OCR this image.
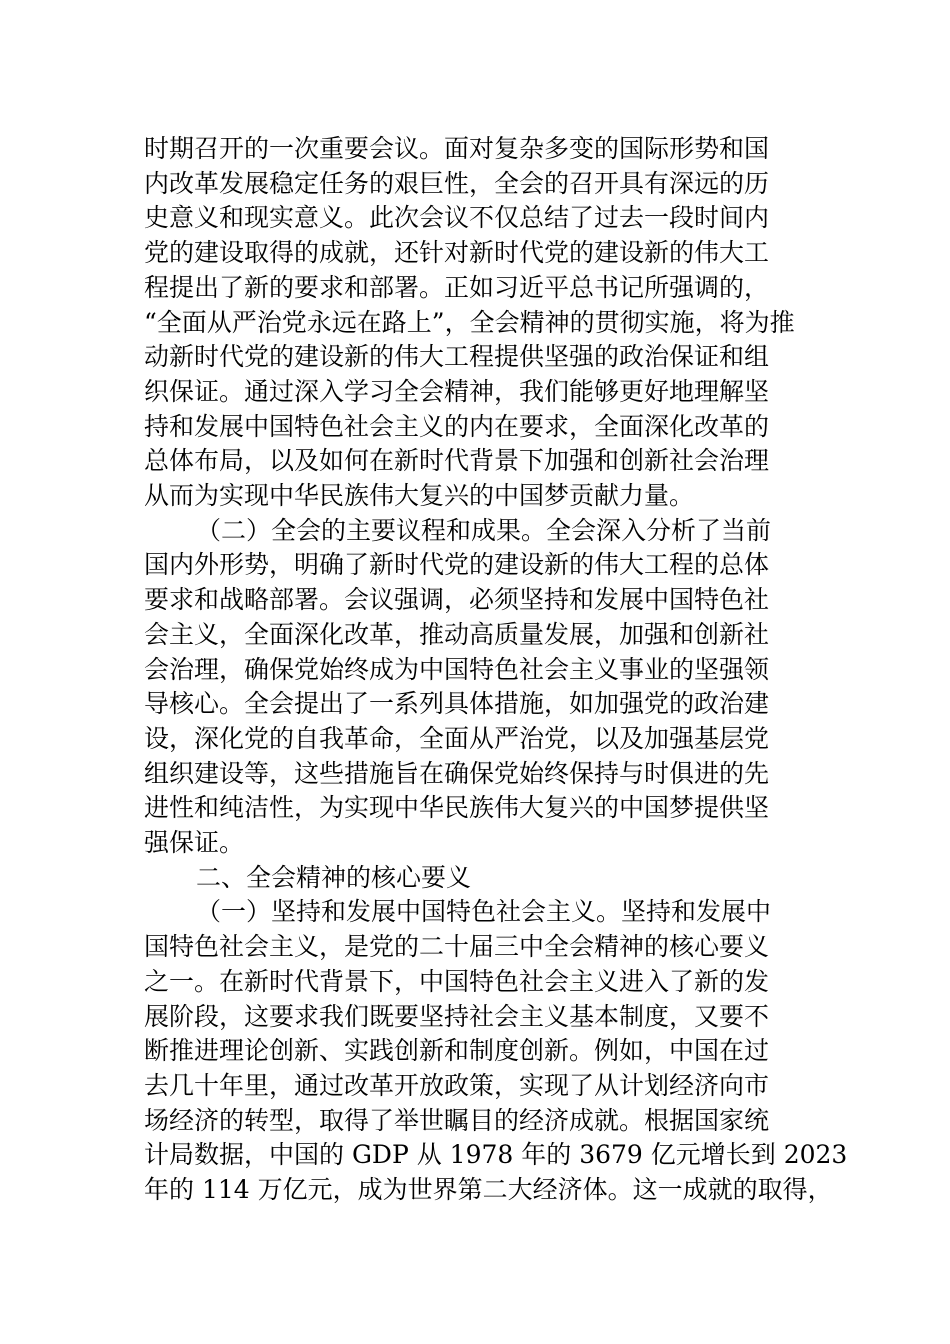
时期召开的一次重要会议。面对复杂多变的国际形势和国
内改革发展稳定任务的艰巨性，全会的召开具有深远的历
史意义和现实意义。此次会议不仅总结了过去一段时间内
党的建设取得的成就，还针对新时代党的建设新的伟大工
程提出了新的要求和部署。正如习近平总书记所强调的，
“全面从严治党永远在路上”，全会精神的贯彻实施，将为推
动新时代党的建设新的伟大工程提供坚强的政治保证和组
织保证。通过深入学习全会精神，我们能够更好地理解坚
持和发展中国特色社会主义的内在要求，全面深化改革的
总体布局，以及如何在新时代背景下加强和创新社会治理
从而为实现中华民族伟大复兴的中国梦贡献力量。

（二）全会的主要议程和成果。全会深入分析了当前
国内外形势，明确了新时代党的建设新的伟大工程的总体
要求和战略部署。会议强调，必须坚持和发展中国特色社
会主义，全面深化改革，推动高质量发展，加强和创新社
会治理，确保党始终成为中国特色社会主义事业的坚强领
导核心。全会提出了一系列具体措施，如加强党的政治建
设，深化党的自我革命，全面从严治党，以及加强基层党
组织建设等，这些措施旨在确保党始终保持与时俱进的先
进性和纯洁性，为实现中华民族伟大复兴的中国梦提供坚
强保证。

二、全会精神的核心要义

（一）坚持和发展中国特色社会主义。坚持和发展中
国特色社会主义，是党的二十届三中全会精神的核心要义
之一。在新时代背景下，中国特色社会主义进入了新的发
展阶段，这要求我们既要坚持社会主义基本制度，又要不
断推进理论创新、实践创新和制度创新。例如，中国在过
去几十年里，通过改革开放政策，实现了从计划经济向市
场经济的转型，取得了举世瞩目的经济成就。根据国家统
计局数据，中国的 GDP 从 1978 年的 3679 亿元增长到 2023
年的 114 万亿元，成为世界第二大经济体。这一成就的取得，
